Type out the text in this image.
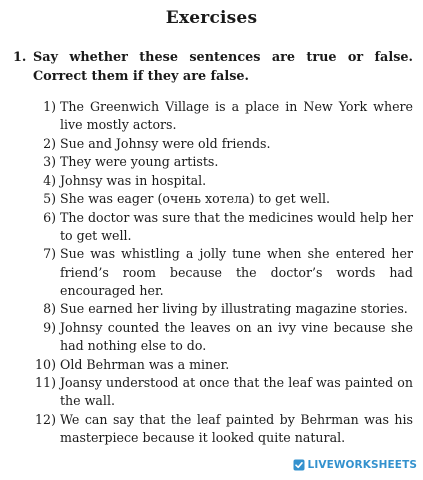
Exercises
1. Say whether these sentences are true or false. Correct them if they are false.
1) The Greenwich Village is a place in New York where live mostly actors.
2) Sue and Johnsy were old friends.
3) They were young artists.
4) Johnsy was in hospital.
5) She was eager (очень хотела) to get well.
6) The doctor was sure that the medicines would help her to get well.
7) Sue was whistling a jolly tune when she entered her friend’s room because the doctor’s words had encouraged her.
8) Sue earned her living by illustrating magazine stories.
9) Johnsy counted the leaves on an ivy vine because she had nothing else to do.
10) Old Behrman was a miner.
11) Joansy understood at once that the leaf was painted on the wall.
12) We can say that the leaf painted by Behrman was his masterpiece because it looked quite natural.
LIVEWORKSHEETS
